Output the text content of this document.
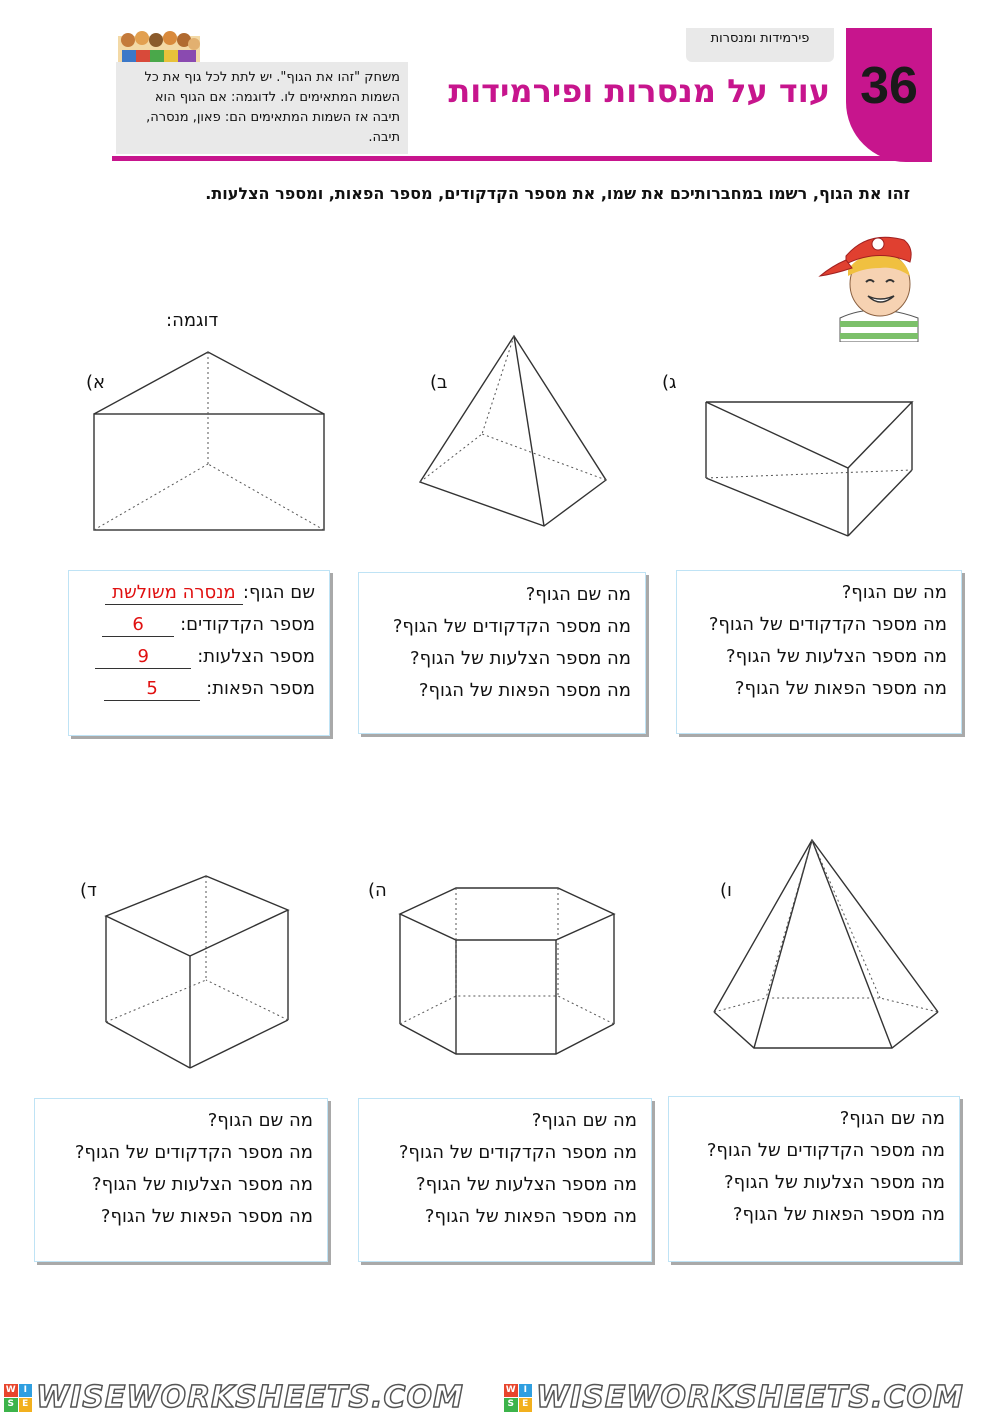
פירמידות ומנסרות
36
עוד על מנסרות ופירמידות
משחק "זהו את הגוף". יש לתת לכל גוף את כל השמות המתאימים לו. לדוגמה: אם הגוף הוא תיבה אז השמות המתאימים הם: פאון, מנסרה, תיבה.
זהו את הגוף, רשמו במחברותיכם את שמו, את מספר הקדקודים, מספר הפאות, ומספר הצלעות.
דוגמה:
א)	ב)	ג)
ד)	ה)	ו)
שם הגוף:מנסרה משולשת
מספר הקדקודים:6
מספר הצלעות:9
מספר הפאות:5
מה שם הגוף?
מה מספר הקדקודים של הגוף?
מה מספר הצלעות של הגוף?
מה מספר הפאות של הגוף?
מה שם הגוף?
מה מספר הקדקודים של הגוף?
מה מספר הצלעות של הגוף?
מה מספר הפאות של הגוף?
מה שם הגוף?
מה מספר הקדקודים של הגוף?
מה מספר הצלעות של הגוף?
מה מספר הפאות של הגוף?
מה שם הגוף?
מה מספר הקדקודים של הגוף?
מה מספר הצלעות של הגוף?
מה מספר הפאות של הגוף?
מה שם הגוף?
מה מספר הקדקודים של הגוף?
מה מספר הצלעות של הגוף?
מה מספר הפאות של הגוף?
W I
S E WISEWORKSHEETS.COM	W I
S E WISEWORKSHEETS.COM
